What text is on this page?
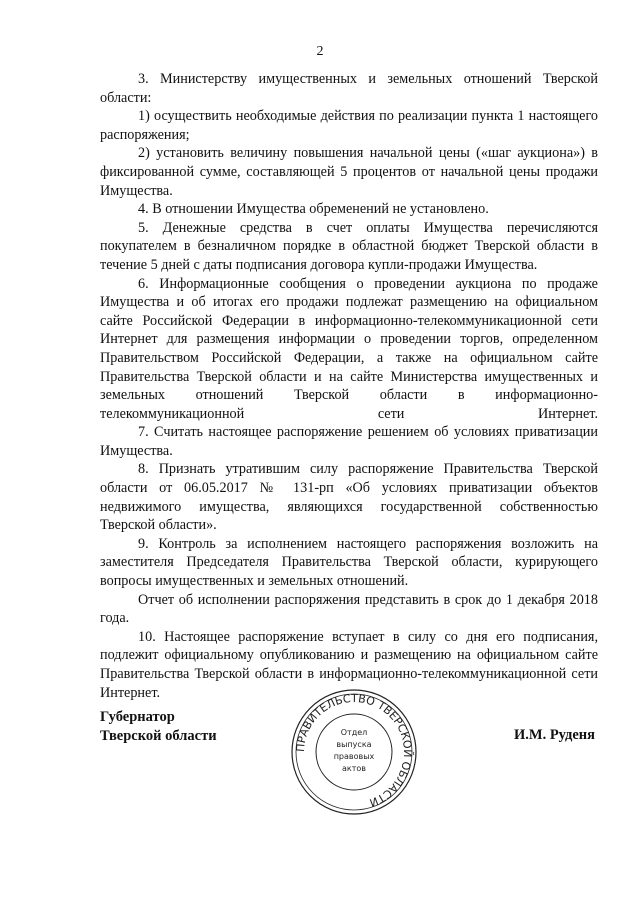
2

3. Министерству имущественных и земельных отношений Тверской области:

1) осуществить необходимые действия по реализации пункта 1 настоящего распоряжения;

2) установить величину повышения начальной цены («шаг аукциона») в фиксированной сумме, составляющей 5 процентов от начальной цены продажи Имущества.

4. В отношении Имущества обременений не установлено.

5. Денежные средства в счет оплаты Имущества перечисляются покупателем в безналичном порядке в областной бюджет Тверской области в течение 5 дней с даты подписания договора купли-продажи Имущества.

6. Информационные сообщения о проведении аукциона по продаже Имущества и об итогах его продажи подлежат размещению на официальном сайте Российской Федерации в информационно-телекоммуникационной сети Интернет для размещения информации о проведении торгов, определенном Правительством Российской Федерации, а также на официальном сайте Правительства Тверской области и на сайте Министерства имущественных и земельных отношений Тверской области в информационно-телекоммуникационной сети Интернет.

7. Считать настоящее распоряжение решением об условиях приватизации Имущества.

8. Признать утратившим силу распоряжение Правительства Тверской области от 06.05.2017 № 131-рп «Об условиях приватизации объектов недвижимого имущества, являющихся государственной собственностью Тверской области».

9. Контроль за исполнением настоящего распоряжения возложить на заместителя Председателя Правительства Тверской области, курирующего вопросы имущественных и земельных отношений.

Отчет об исполнении распоряжения представить в срок до 1 декабря 2018 года.

10. Настоящее распоряжение вступает в силу со дня его подписания, подлежит официальному опубликованию и размещению на официальном сайте Правительства Тверской области в информационно-телекоммуникационной сети Интернет.

Губернатор
Тверской области
ПРАВИТЕЛЬСТВО ТВЕРСКОЙ ОБЛАСТИ
Отдел
выпуска
правовых
актов
И.М. Руденя
